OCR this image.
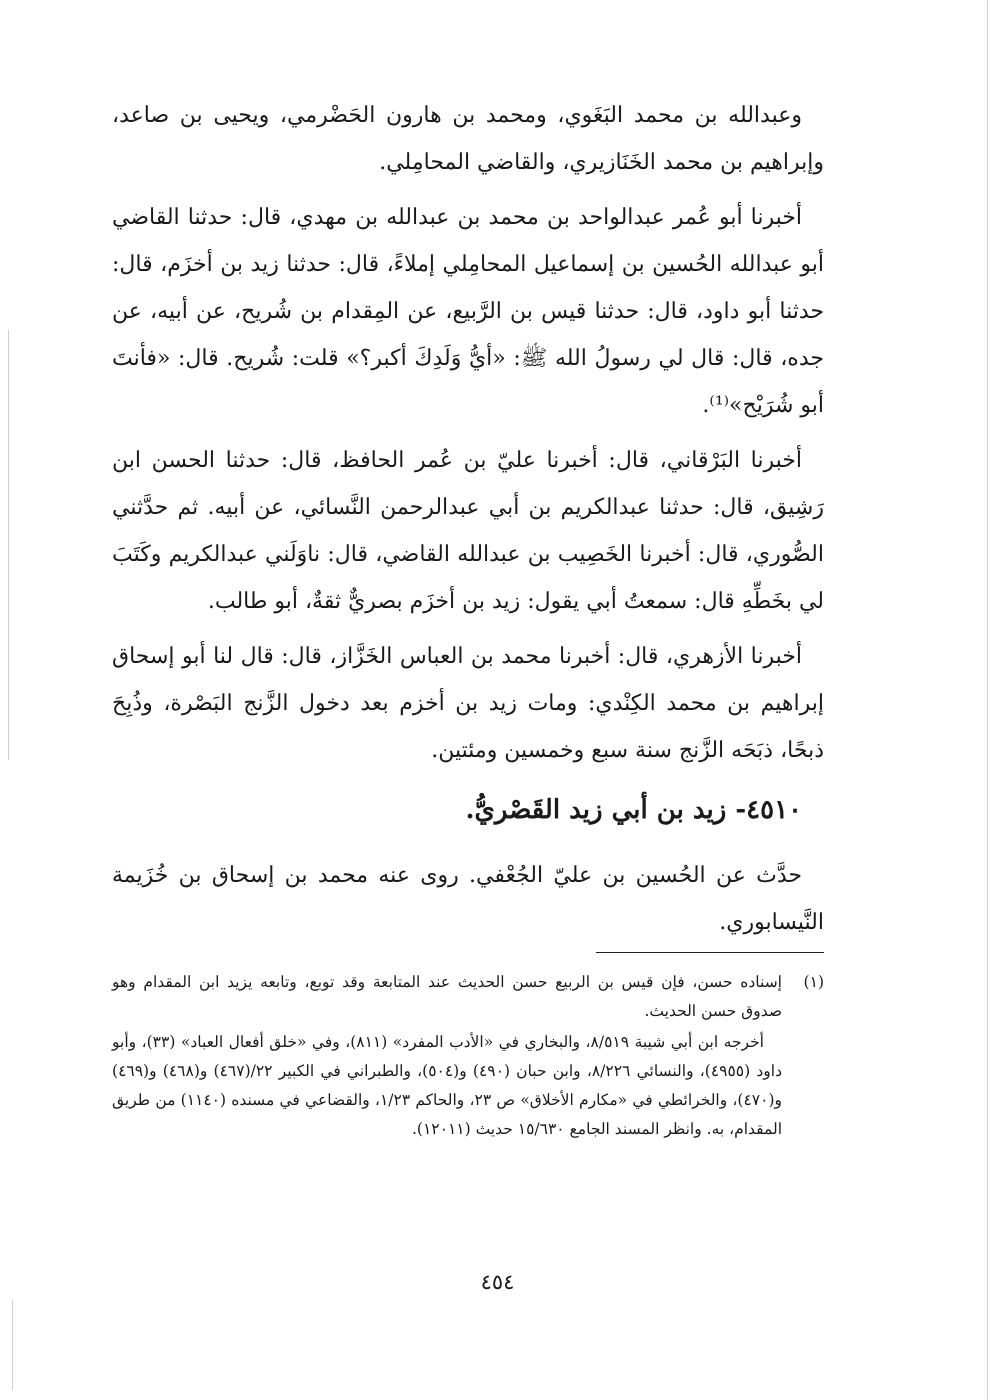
وعبدالله بن محمد البَغَوي، ومحمد بن هارون الحَضْرمي، ويحيى بن صاعد، وإبراهيم بن محمد الخَنَازيري، والقاضي المحامِلي.

أخبرنا أبو عُمر عبدالواحد بن محمد بن عبدالله بن مهدي، قال: حدثنا القاضي أبو عبدالله الحُسين بن إسماعيل المحامِلي إملاءً، قال: حدثنا زيد بن أخزَم، قال: حدثنا أبو داود، قال: حدثنا قيس بن الرَّبيع، عن المِقدام بن شُريح، عن أبيه، عن جده، قال: قال لي رسولُ الله ﷺ: «أيُّ وَلَدِكَ أكبر؟» قلت: شُريح. قال: «فأنتَ أبو شُرَيْح»⁽¹⁾.

أخبرنا البَرْقاني، قال: أخبرنا عليّ بن عُمر الحافظ، قال: حدثنا الحسن ابن رَشِيق، قال: حدثنا عبدالكريم بن أبي عبدالرحمن النَّسائي، عن أبيه. ثم حدَّثني الصُّوري، قال: أخبرنا الخَصِيب بن عبدالله القاضي، قال: ناوَلَني عبدالكريم وكَتَبَ لي بخَطِّهِ قال: سمعتُ أبي يقول: زيد بن أخزَم بصريٌّ ثقةٌ، أبو طالب.

أخبرنا الأزهري، قال: أخبرنا محمد بن العباس الخَزَّاز، قال: قال لنا أبو إسحاق إبراهيم بن محمد الكِنْدي: ومات زيد بن أخزم بعد دخول الزَّنج البَصْرة، وذُبِحَ ذبحًا، ذبَحَه الزَّنج سنة سبع وخمسين ومئتين.

٤٥١٠- زيد بن أبي زيد القَصْريُّ.

حدَّث عن الحُسين بن عليّ الجُعْفي. روى عنه محمد بن إسحاق بن خُزَيمة النَّيسابوري.

(١)

إسناده حسن، فإن قيس بن الربيع حسن الحديث عند المتابعة وقد توبع، وتابعه يزيد ابن المقدام وهو صدوق حسن الحديث.

أخرجه ابن أبي شيبة ٨/٥١٩، والبخاري في «الأدب المفرد» (٨١١)، وفي «خلق أفعال العباد» (٣٣)، وأبو داود (٤٩٥٥)، والنسائي ٨/٢٢٦، وابن حبان (٤٩٠) و(٥٠٤)، والطبراني في الكبير ٢٢/(٤٦٧) و(٤٦٨) و(٤٦٩) و(٤٧٠)، والخرائطي في «مكارم الأخلاق» ص ٢٣، والحاكم ١/٢٣، والقضاعي في مسنده (١١٤٠) من طريق المقدام، به. وانظر المسند الجامع ١٥/٦٣٠ حديث (١٢٠١١).

٤٥٤
